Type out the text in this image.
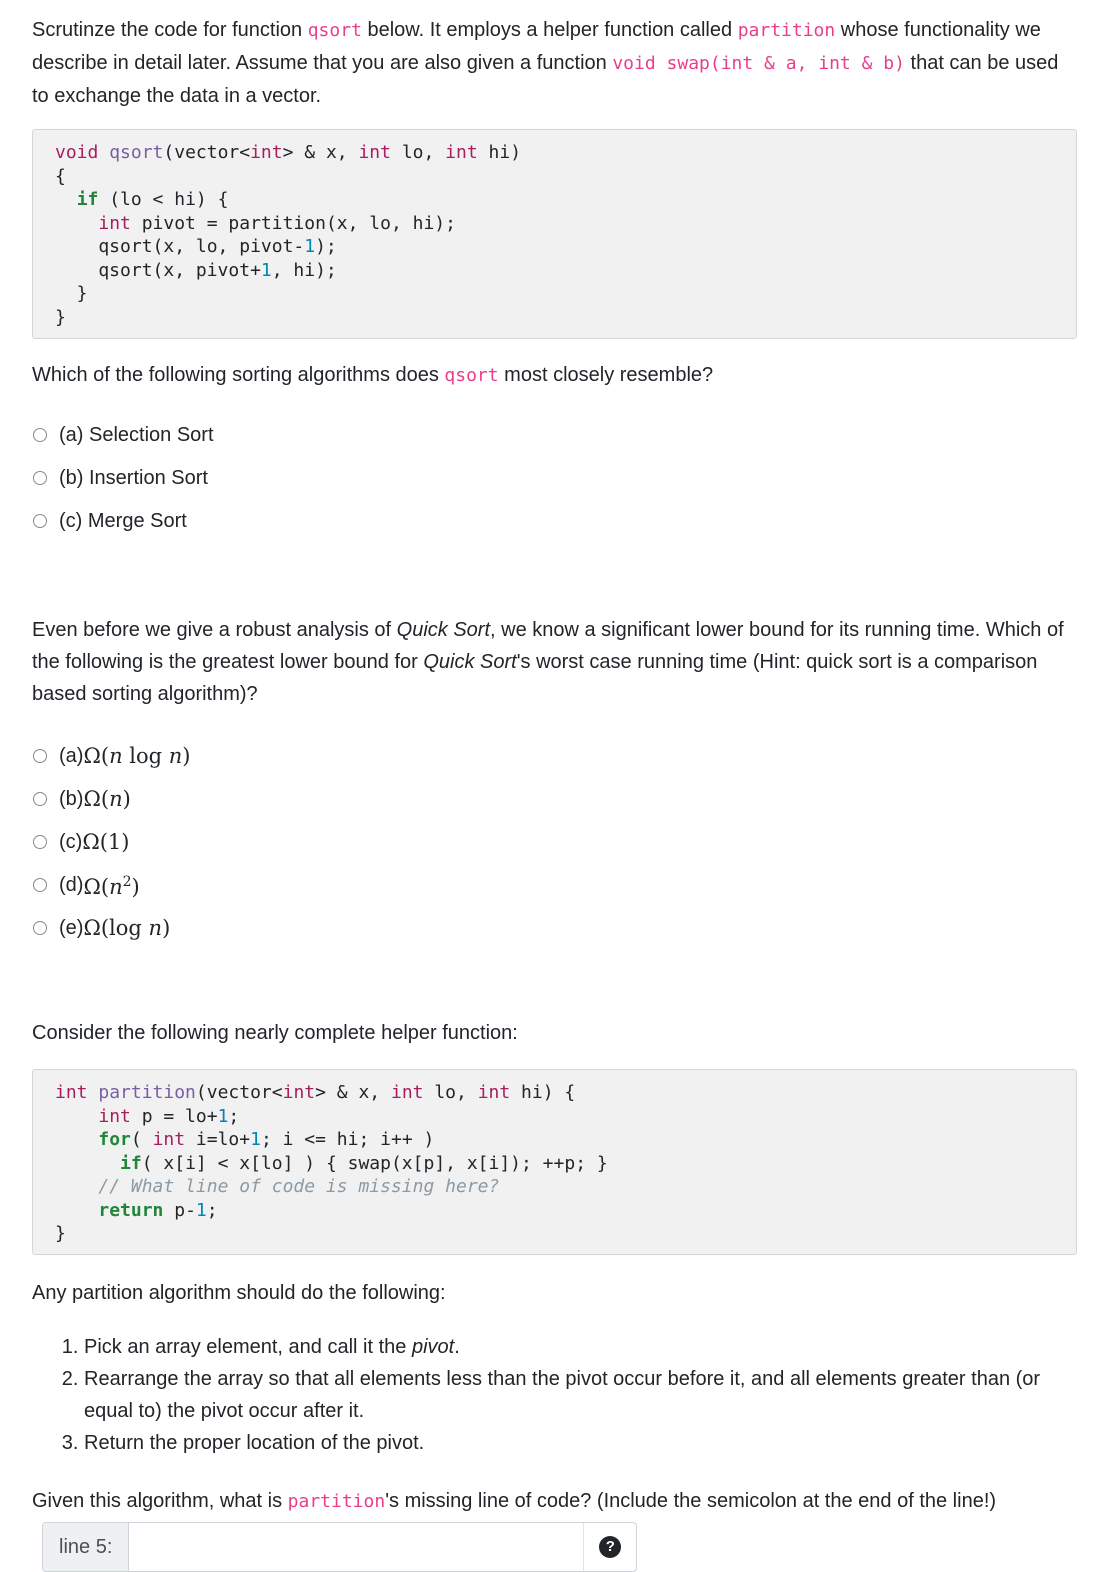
Scrutinze the code for function qsort below. It employs a helper function called partition whose functionality we describe in detail later. Assume that you are also given a function void swap(int & a, int & b) that can be used to exchange the data in a vector.

void qsort(vector<int> & x, int lo, int hi)
{
if (lo < hi) {
int pivot = partition(x, lo, hi);
qsort(x, lo, pivot-1);
qsort(x, pivot+1, hi);
}
}

Which of the following sorting algorithms does qsort most closely resemble?

(a) Selection Sort
(b) Insertion Sort
(c) Merge Sort

Even before we give a robust analysis of Quick Sort, we know a significant lower bound for its running time. Which of the following is the greatest lower bound for Quick Sort's worst case running time (Hint: quick sort is a comparison based sorting algorithm)?

(a) Ω(n log n)
(b) Ω(n)
(c) Ω(1)
(d) $\Omega(n^2)$
(e) Ω(log n)

Consider the following nearly complete helper function:

int partition(vector<int> & x, int lo, int hi) {
int p = lo+1;
for( int i=lo+1; i <= hi; i++ )
if( x[i] < x[lo] ) { swap(x[p], x[i]); ++p; }
// What line of code is missing here?
return p-1;
}

Any partition algorithm should do the following:

1. Pick an array element, and call it the pivot.
2. Rearrange the array so that all elements less than the pivot occur before it, and all elements greater than (or equal to) the pivot occur after it.
3. Return the proper location of the pivot.

Given this algorithm, what is partition's missing line of code? (Include the semicolon at the end of the line!)
line 5:	?
